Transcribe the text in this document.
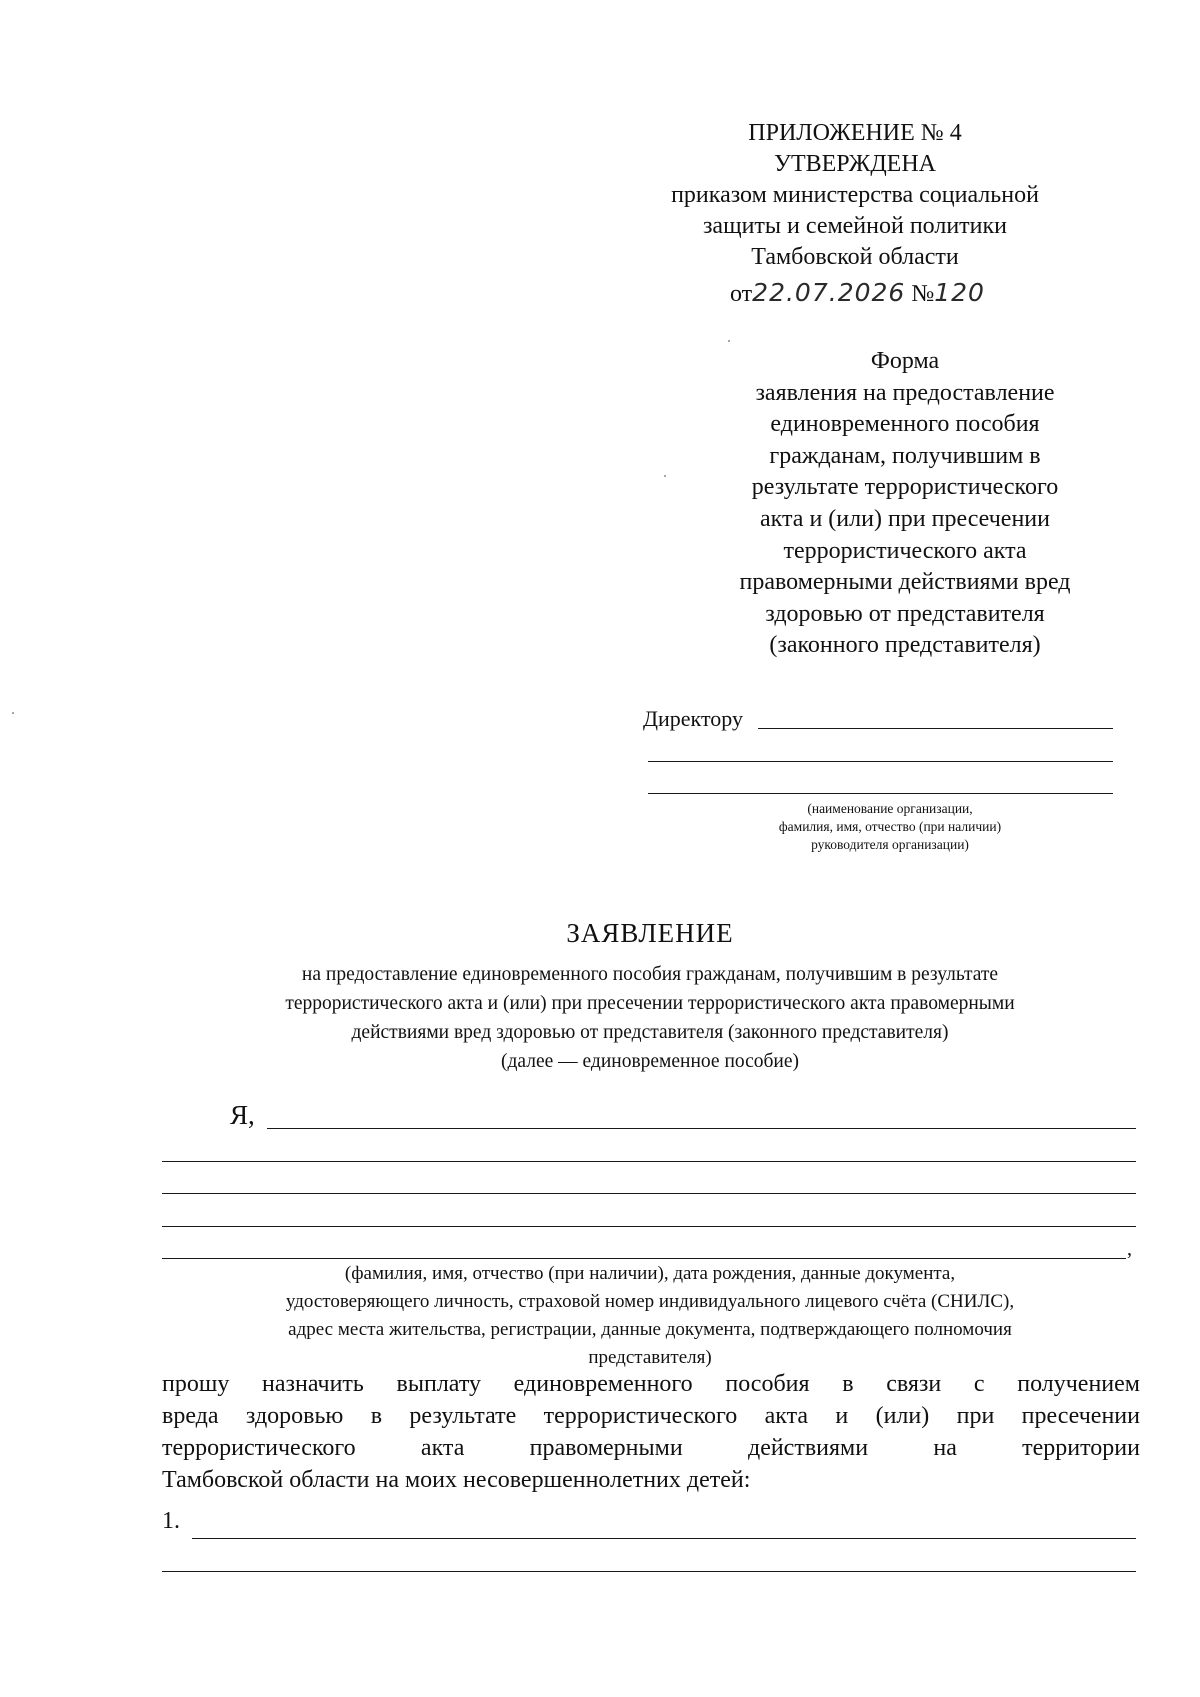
ПРИЛОЖЕНИЕ № 4
УТВЕРЖДЕНА
приказом министерства социальной
защиты и семейной политики
Тамбовской области
от22.07.2026 №120
Форма
заявления на предоставление
единовременного пособия
гражданам, получившим в
результате террористического
акта и (или) при пресечении
террористического акта
правомерными действиями вред
здоровью от представителя
(законного представителя)
Директору
(наименование организации,
фамилия, имя, отчество (при наличии)
руководителя организации)
ЗАЯВЛЕНИЕ
на предоставление единовременного пособия гражданам, получившим в результате
террористического акта и (или) при пресечении террористического акта правомерными
действиями вред здоровью от представителя (законного представителя)
(далее — единовременное пособие)
Я,
,
(фамилия, имя, отчество (при наличии), дата рождения, данные документа,
удостоверяющего личность, страховой номер индивидуального лицевого счёта (СНИЛС),
адрес места жительства, регистрации, данные документа, подтверждающего полномочия
представителя)
прошу назначить выплату единовременного пособия в связи с получением
вреда здоровью в результате террористического акта и (или) при пресечении
террористического акта правомерными действиями на территории
Тамбовской области на моих несовершеннолетних детей:
1.
